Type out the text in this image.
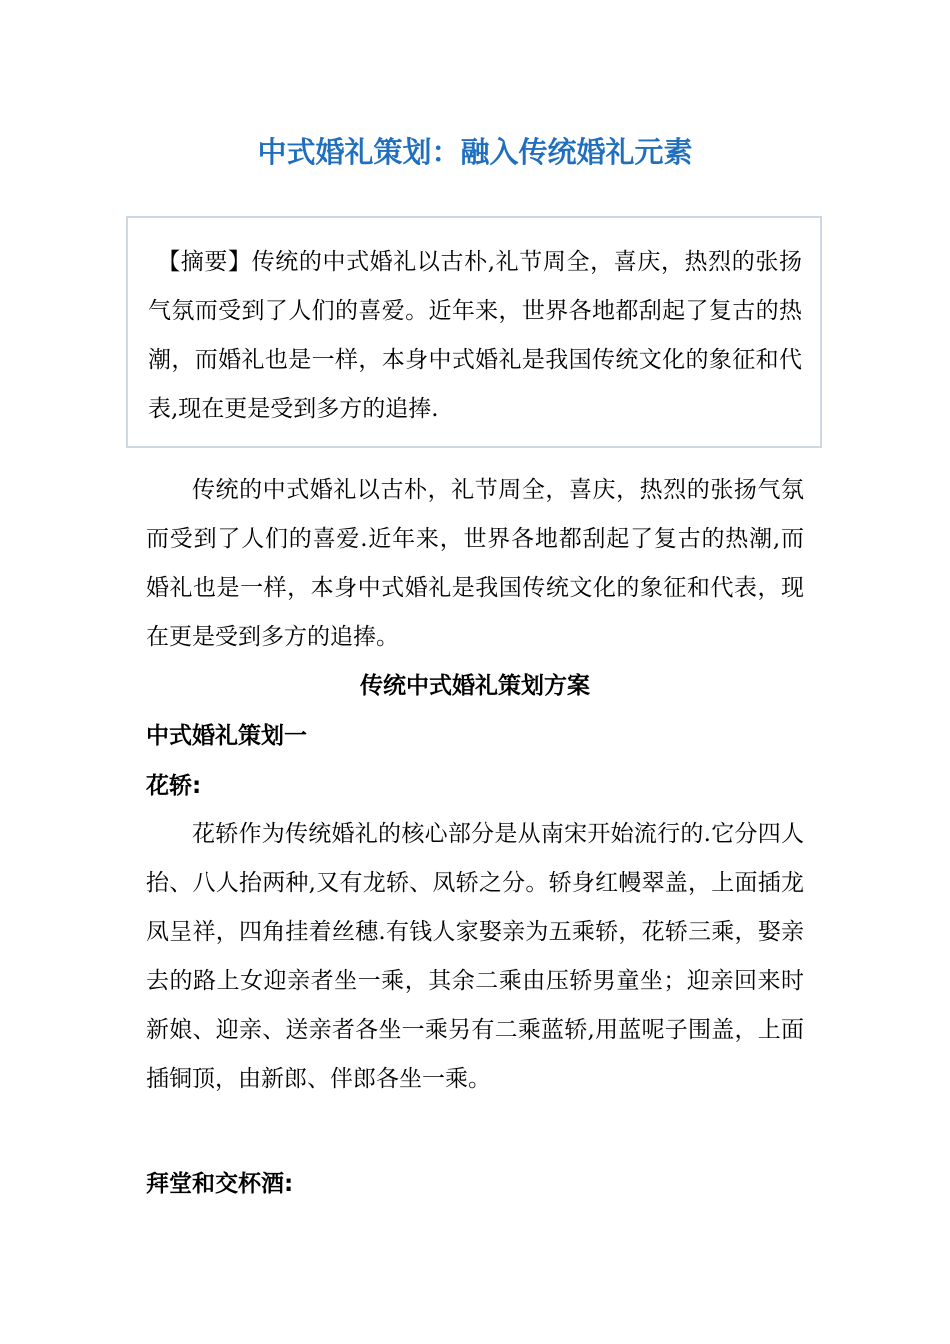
中式婚礼策划：融入传统婚礼元素

【摘要】传统的中式婚礼以古朴,礼节周全，喜庆，热烈的张扬气氛而受到了人们的喜爱。近年来，世界各地都刮起了复古的热潮，而婚礼也是一样，本身中式婚礼是我国传统文化的象征和代表,现在更是受到多方的追捧.

传统的中式婚礼以古朴，礼节周全，喜庆，热烈的张扬气氛而受到了人们的喜爱.近年来，世界各地都刮起了复古的热潮,而婚礼也是一样，本身中式婚礼是我国传统文化的象征和代表，现在更是受到多方的追捧。

传统中式婚礼策划方案
中式婚礼策划一
花轿:

花轿作为传统婚礼的核心部分是从南宋开始流行的.它分四人抬、八人抬两种,又有龙轿、凤轿之分。轿身红幔翠盖，上面插龙凤呈祥，四角挂着丝穗.有钱人家娶亲为五乘轿，花轿三乘，娶亲去的路上女迎亲者坐一乘，其余二乘由压轿男童坐；迎亲回来时新娘、迎亲、送亲者各坐一乘另有二乘蓝轿,用蓝呢子围盖，上面插铜顶，由新郎、伴郎各坐一乘。

拜堂和交杯酒:
